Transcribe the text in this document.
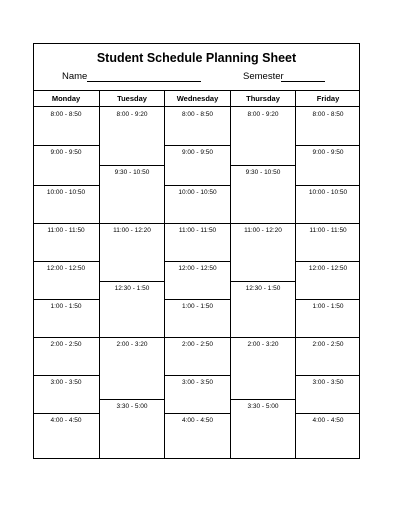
Student Schedule Planning Sheet
Name	Semester
Monday
8:00 - 8:50
9:00 - 9:50
10:00 - 10:50
11:00 - 11:50
12:00 - 12:50
1:00 - 1:50
2:00 - 2:50
3:00 - 3:50
4:00 - 4:50
Tuesday
8:00 - 9:20
9:30 - 10:50
11:00 - 12:20
12:30 - 1:50
2:00 - 3:20
3:30 - 5:00
Wednesday
8:00 - 8:50
9:00 - 9:50
10:00 - 10:50
11:00 - 11:50
12:00 - 12:50
1:00 - 1:50
2:00 - 2:50
3:00 - 3:50
4:00 - 4:50
Thursday
8:00 - 9:20
9:30 - 10:50
11:00 - 12:20
12:30 - 1:50
2:00 - 3:20
3:30 - 5:00
Friday
8:00 - 8:50
9:00 - 9:50
10:00 - 10:50
11:00 - 11:50
12:00 - 12:50
1:00 - 1:50
2:00 - 2:50
3:00 - 3:50
4:00 - 4:50
